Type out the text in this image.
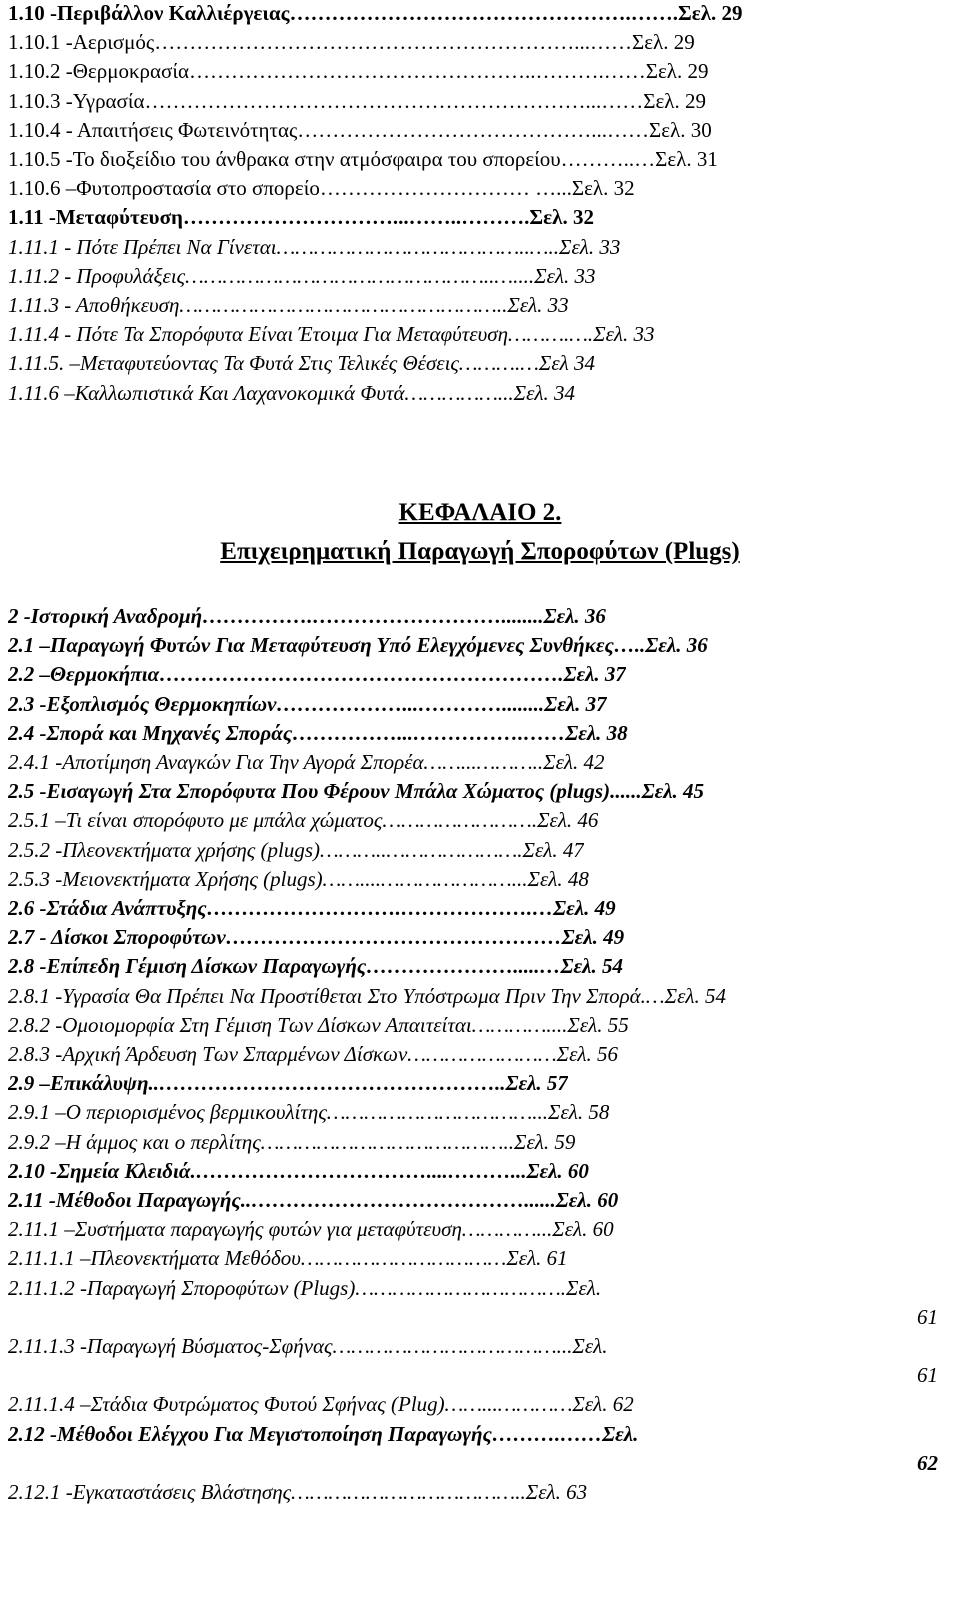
1.10 -Περιβάλλον Καλλιέργειας………………………………………….…….Σελ. 29
1.10.1 -Αερισμός……………………………………………………...……Σελ. 29
1.10.2 -Θερμοκρασία…………………………………………..……….……Σελ. 29
1.10.3 -Υγρασία………………………………………………………...……Σελ. 29
1.10.4 - Απαιτήσεις Φωτεινότητας……………………………………...……Σελ. 30
1.10.5 -Το διοξείδιο του άνθρακα στην ατμόσφαιρα του σπορείου………..…Σελ. 31
1.10.6 –Φυτοπροστασία στο σπορείο………………………… …...Σελ. 32
1.11 -Μεταφύτευση…………………………...……..……….Σελ. 32
1.11.1 - Πότε Πρέπει Να Γίνεται…………………………………..…..Σελ. 33
1.11.2 - Προφυλάξεις…………………………………………..…....Σελ. 33
1.11.3 - Αποθήκευση……………………………………………..Σελ. 33
1.11.4 - Πότε Τα Σπορόφυτα Είναι Έτοιμα Για Μεταφύτευση……….….Σελ. 33
1.11.5. –Μεταφυτεύοντας Τα Φυτά Στις Τελικές Θέσεις……….…Σελ 34
1.11.6 –Καλλωπιστικά Και Λαχανοκομικά Φυτά……………...Σελ. 34
ΚΕΦΑΛΑΙΟ 2.
Επιχειρηματική Παραγωγή Σποροφύτων (Plugs)
2 -Ιστορική Αναδρομή…………….………………………........Σελ. 36
2.1 –Παραγωγή Φυτών Για Μεταφύτευση Υπό Ελεγχόμενες Συνθήκες…..Σελ. 36
2.2 –Θερμοκήπια………………………………………………….Σελ. 37
2.3 -Εξοπλισμός Θερμοκηπίων………………...…………........Σελ. 37
2.4 -Σπορά και Μηχανές Σποράς……………...…………….……Σελ. 38
2.4.1 -Αποτίμηση Αναγκών Για Την Αγορά Σπορέα……...………..Σελ. 42
2.5 -Εισαγωγή Στα Σπορόφυτα Που Φέρουν Μπάλα Χώματος (plugs)......Σελ. 45
2.5.1 –Τι είναι σπορόφυτο με μπάλα χώματος…………………….Σελ. 46
2.5.2 -Πλεονεκτήματα χρήσης (plugs)………..………………….Σελ. 47
2.5.3 -Μειονεκτήματα Χρήσης (plugs)……....…………………...Σελ. 48
2.6 -Στάδια Ανάπτυξης……………………….……………….…Σελ. 49
2.7 - Δίσκοι Σποροφύτων…………………………………………Σελ. 49
2.8 -Επίπεδη Γέμιση Δίσκων Παραγωγής………………….....…Σελ. 54
2.8.1 -Υγρασία Θα Πρέπει Να Προστίθεται Στο Υπόστρωμα Πριν Την Σπορά.…Σελ. 54
2.8.2 -Ομοιομορφία Στη Γέμιση Των Δίσκων Απαιτείται…………....Σελ. 55
2.8.3 -Αρχική Άρδευση Των Σπαρμένων Δίσκων……………………Σελ. 56
2.9 –Επικάλυψη..…………………………………………..Σελ. 57
2.9.1 –Ο περιορισμένος βερμικουλίτης……………………………...Σελ. 58
2.9.2 –Η άμμος και ο περλίτης…………………………………..Σελ. 59
2.10 -Σημεία Κλειδιά.……………………………....………...Σελ. 60
2.11 -Μέθοδοι Παραγωγής..…………………………………......Σελ. 60
2.11.1 –Συστήματα παραγωγής φυτών για μεταφύτευση…………...Σελ. 60
2.11.1.1 –Πλεονεκτήματα Μεθόδου……………………………Σελ. 61
2.11.1.2 -Παραγωγή Σποροφύτων (Plugs)…………………………….Σελ.
61
2.11.1.3 -Παραγωγή Βύσματος-Σφήνας………………………………...Σελ.
61
2.11.1.4 –Στάδια Φυτρώματος Φυτού Σφήνας (Plug)……...…………Σελ. 62
2.12 -Μέθοδοι Ελέγχου Για Μεγιστοποίηση Παραγωγής……….……Σελ.
62
2.12.1 -Εγκαταστάσεις Βλάστησης………………………………..Σελ. 63
